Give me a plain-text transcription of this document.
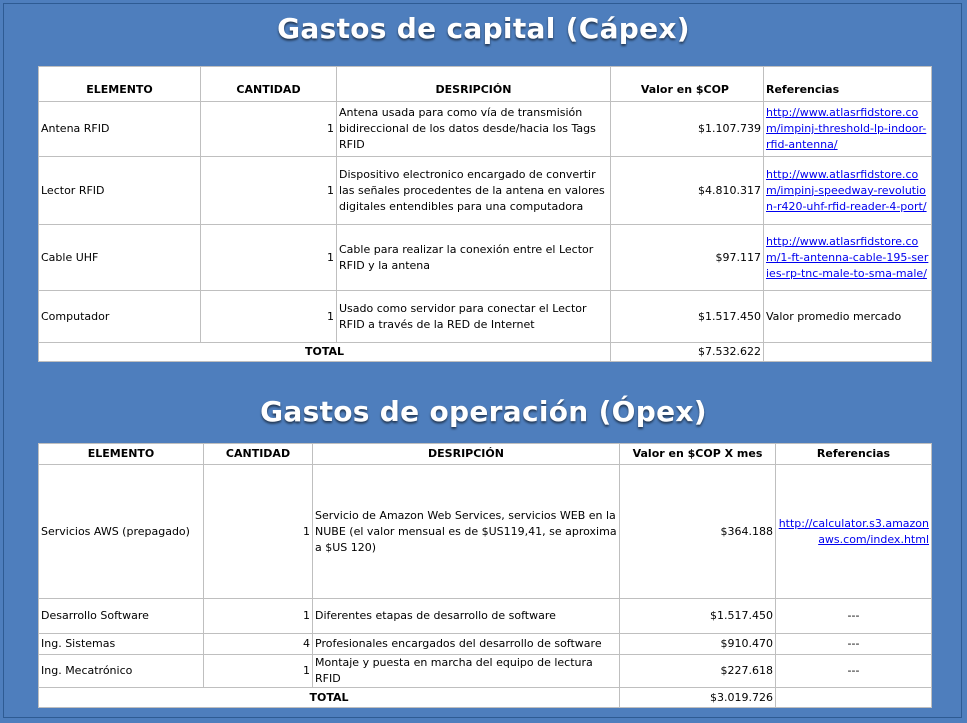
Gastos de capital (Cápex)
ELEMENTO	CANTIDAD	DESRIPCIÓN	Valor en $COP	Referencias
Antena RFID	1	Antena usada para como vía de transmisión bidireccional de los datos desde/hacia los Tags RFID	$1.107.739	http://www.atlasrfidstore.com/impinj-threshold-lp-indoor-rfid-antenna/
Lector RFID	1	Dispositivo electronico encargado de convertir las señales procedentes de la antena en valores digitales entendibles para una computadora	$4.810.317	http://www.atlasrfidstore.com/impinj-speedway-revolution-r420-uhf-rfid-reader-4-port/
Cable UHF	1	Cable para realizar la conexión entre el Lector RFID y la antena	$97.117	http://www.atlasrfidstore.com/1-ft-antenna-cable-195-series-rp-tnc-male-to-sma-male/
Computador	1	Usado como servidor para conectar el Lector RFID a través de la RED de Internet	$1.517.450	Valor promedio mercado
TOTAL			$7.532.622	
Gastos de operación (Ópex)
ELEMENTO	CANTIDAD	DESRIPCIÓN	Valor en $COP X mes	Referencias
Servicios AWS (prepagado)	1	Servicio de Amazon Web Services, servicios WEB en la NUBE (el valor mensual es de $US119,41, se aproxima a $US 120)	$364.188	http://calculator.s3.amazonaws.com/index.html
Desarrollo Software	1	Diferentes etapas de desarrollo de software	$1.517.450	---
Ing. Sistemas	4	Profesionales encargados del desarrollo de software	$910.470	---
Ing. Mecatrónico	1	Montaje y puesta en marcha del equipo de lectura RFID	$227.618	---
TOTAL			$3.019.726	
